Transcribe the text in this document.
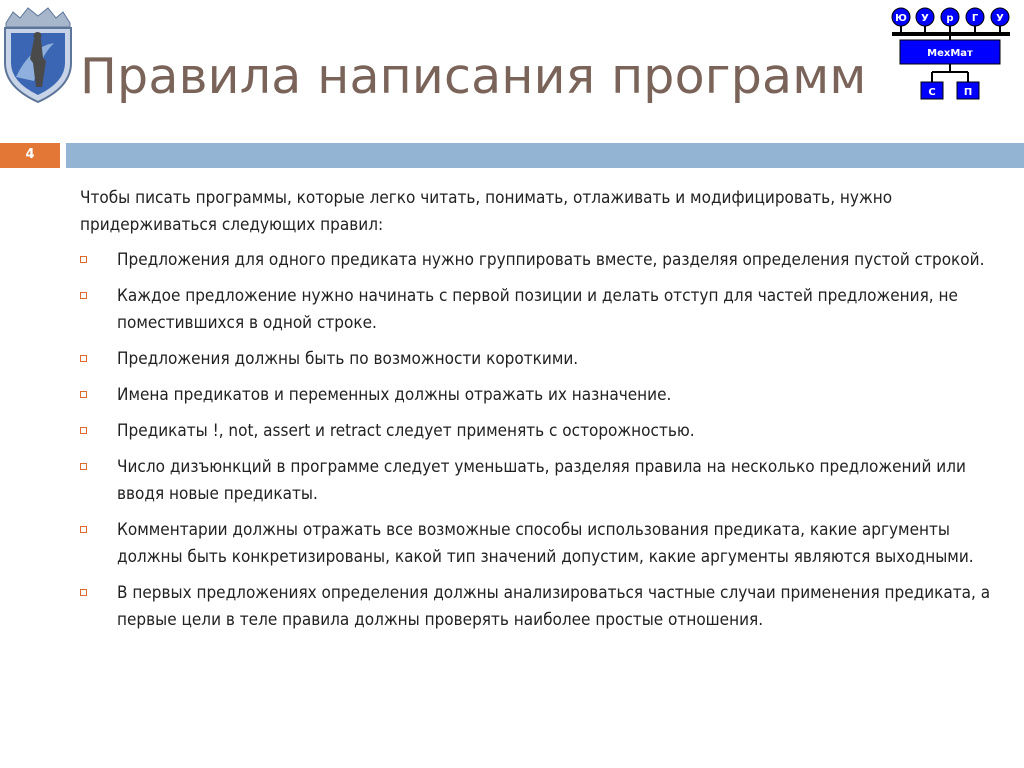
Правила написания программ
Ю У р Г У
МехМат
С	П
4

Чтобы писать программы, которые легко читать, понимать, отлаживать и модифицировать, нужно придерживаться следующих правил:

Предложения для одного предиката нужно группировать вместе, разделяя определения пустой строкой.
Каждое предложение нужно начинать с первой позиции и делать отступ для частей предложения, не поместившихся в одной строке.
Предложения должны быть по возможности короткими.
Имена предикатов и переменных должны отражать их назначение.
Предикаты !, not, assert и retract следует применять с осторожностью.
Число дизъюнкций в программе следует уменьшать, разделяя правила на несколько предложений или вводя новые предикаты.
Комментарии должны отражать все возможные способы использования предиката, какие аргументы должны быть конкретизированы, какой тип значений допустим, какие аргументы являются выходными.
В первых предложениях определения должны анализироваться частные случаи применения предиката, а первые цели в теле правила должны проверять наиболее простые отношения.
